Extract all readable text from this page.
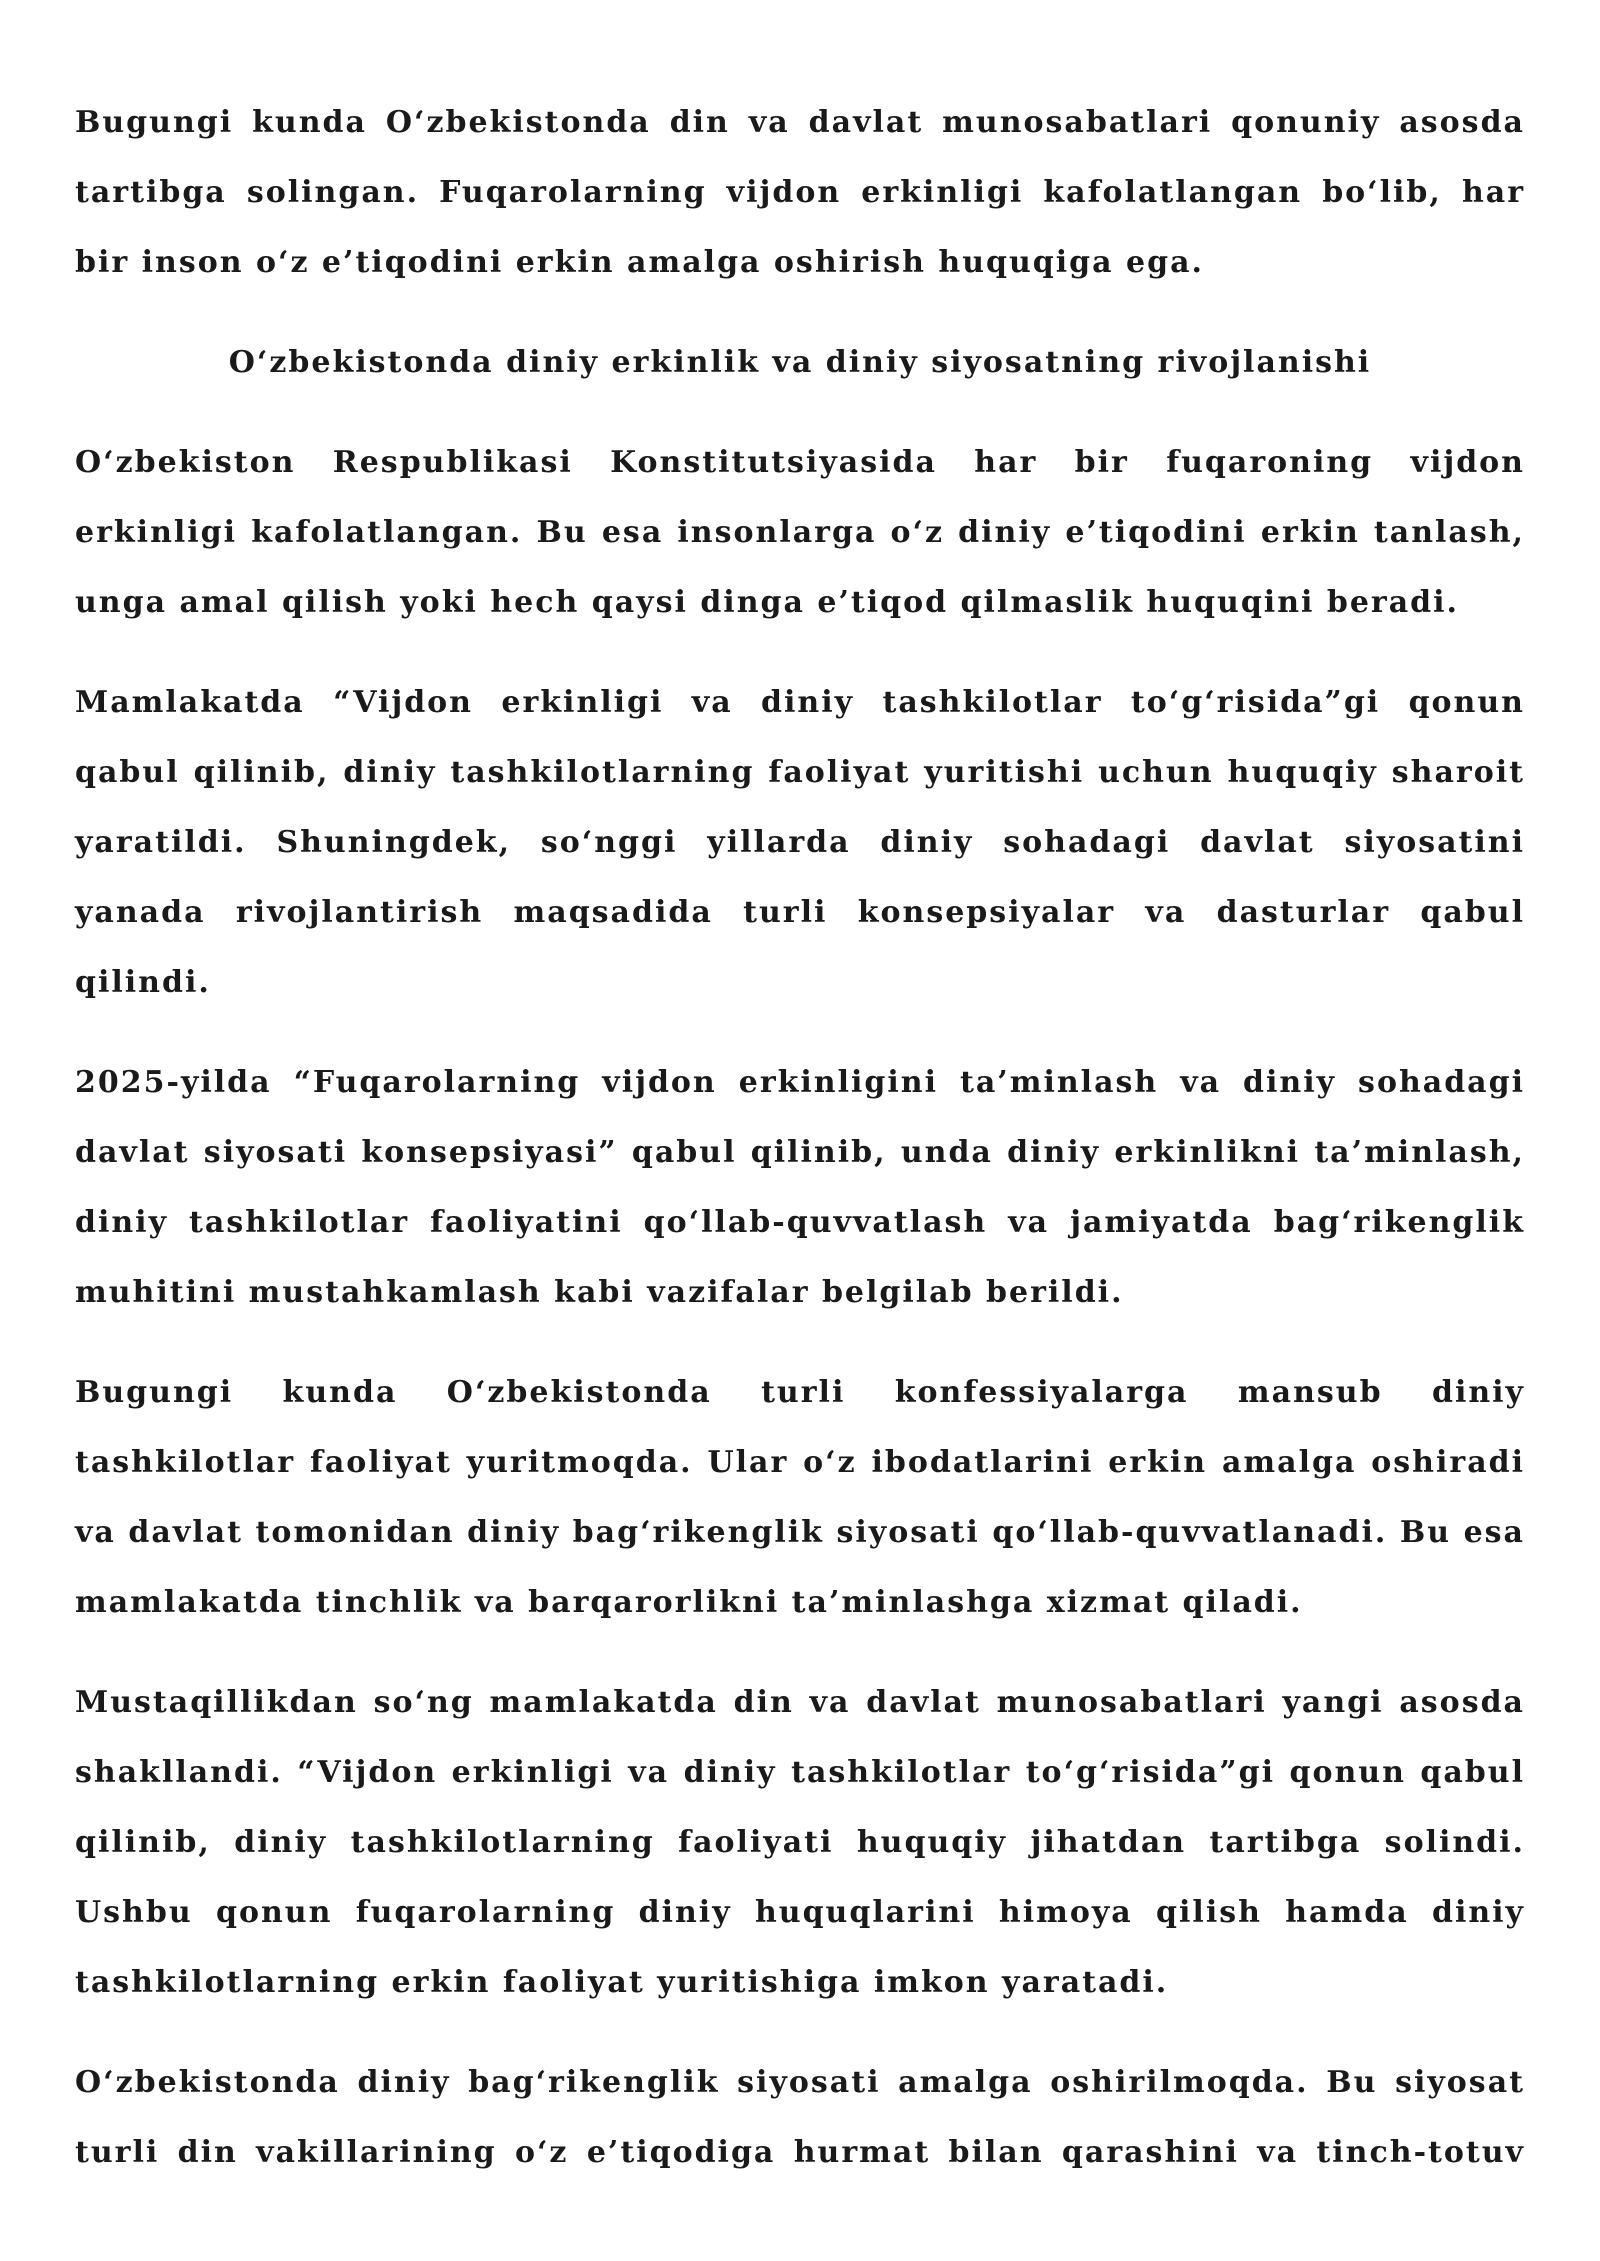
Bugungi kunda O‘zbekistonda din va davlat munosabatlari qonuniy asosda tartibga solingan. Fuqarolarning vijdon erkinligi kafolatlangan bo‘lib, har bir inson o‘z e’tiqodini erkin amalga oshirish huquqiga ega.

O‘zbekistonda diniy erkinlik va diniy siyosatning rivojlanishi

O‘zbekiston Respublikasi Konstitutsiyasida har bir fuqaroning vijdon erkinligi kafolatlangan. Bu esa insonlarga o‘z diniy e’tiqodini erkin tanlash, unga amal qilish yoki hech qaysi dinga e’tiqod qilmaslik huquqini beradi.

Mamlakatda “Vijdon erkinligi va diniy tashkilotlar to‘g‘risida”gi qonun qabul qilinib, diniy tashkilotlarning faoliyat yuritishi uchun huquqiy sharoit yaratildi. Shuningdek, so‘nggi yillarda diniy sohadagi davlat siyosatini yanada rivojlantirish maqsadida turli konsepsiyalar va dasturlar qabul qilindi.

2025-yilda “Fuqarolarning vijdon erkinligini ta’minlash va diniy sohadagi davlat siyosati konsepsiyasi” qabul qilinib, unda diniy erkinlikni ta’minlash, diniy tashkilotlar faoliyatini qo‘llab-quvvatlash va jamiyatda bag‘rikenglik muhitini mustahkamlash kabi vazifalar belgilab berildi.

Bugungi kunda O‘zbekistonda turli konfessiyalarga mansub diniy tashkilotlar faoliyat yuritmoqda. Ular o‘z ibodatlarini erkin amalga oshiradi va davlat tomonidan diniy bag‘rikenglik siyosati qo‘llab-quvvatlanadi. Bu esa mamlakatda tinchlik va barqarorlikni ta’minlashga xizmat qiladi.

Mustaqillikdan so‘ng mamlakatda din va davlat munosabatlari yangi asosda shakllandi. “Vijdon erkinligi va diniy tashkilotlar to‘g‘risida”gi qonun qabul qilinib, diniy tashkilotlarning faoliyati huquqiy jihatdan tartibga solindi. Ushbu qonun fuqarolarning diniy huquqlarini himoya qilish hamda diniy tashkilotlarning erkin faoliyat yuritishiga imkon yaratadi.

O‘zbekistonda diniy bag‘rikenglik siyosati amalga oshirilmoqda. Bu siyosat turli din vakillarining o‘z e’tiqodiga hurmat bilan qarashini va tinch-totuv
